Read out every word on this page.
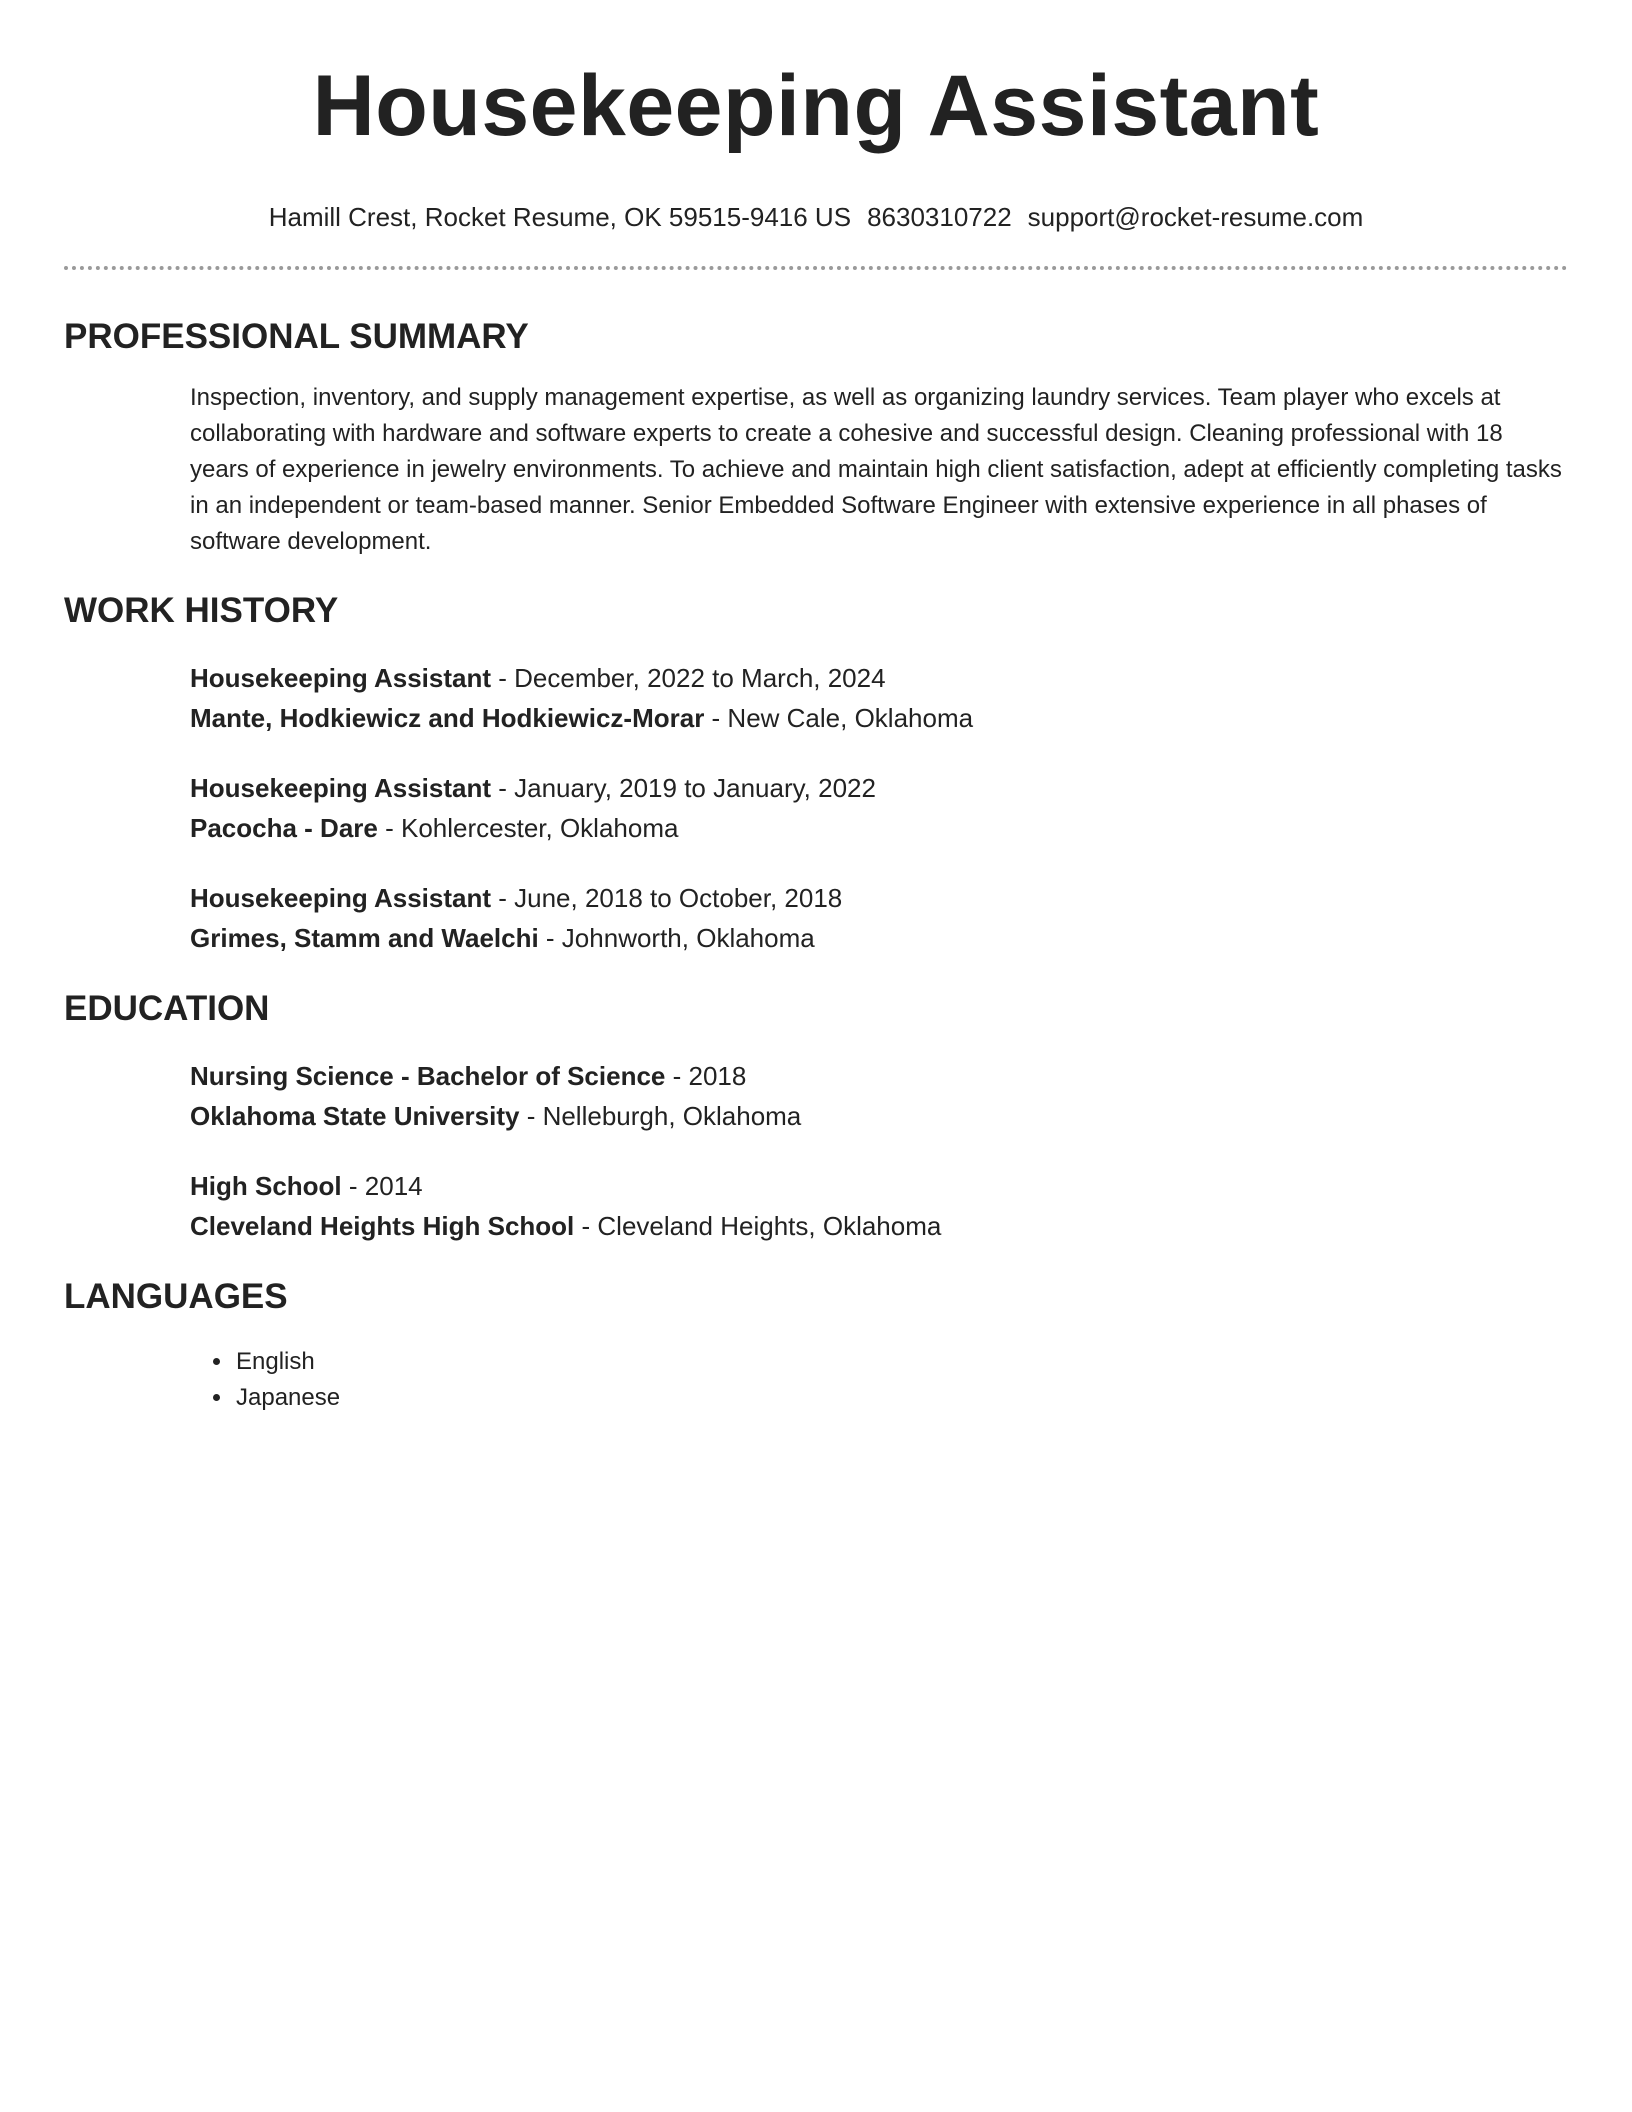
Housekeeping Assistant
Hamill Crest, Rocket Resume, OK 59515-9416 US 8630310722 support@rocket-resume.com
PROFESSIONAL SUMMARY
Inspection, inventory, and supply management expertise, as well as organizing laundry services. Team player who excels at collaborating with hardware and software experts to create a cohesive and successful design. Cleaning professional with 18 years of experience in jewelry environments. To achieve and maintain high client satisfaction, adept at efficiently completing tasks in an independent or team-based manner. Senior Embedded Software Engineer with extensive experience in all phases of software development.
WORK HISTORY
Housekeeping Assistant - December, 2022 to March, 2024
Mante, Hodkiewicz and Hodkiewicz-Morar - New Cale, Oklahoma
Housekeeping Assistant - January, 2019 to January, 2022
Pacocha - Dare - Kohlercester, Oklahoma
Housekeeping Assistant - June, 2018 to October, 2018
Grimes, Stamm and Waelchi - Johnworth, Oklahoma
EDUCATION
Nursing Science - Bachelor of Science - 2018
Oklahoma State University - Nelleburgh, Oklahoma
High School - 2014
Cleveland Heights High School - Cleveland Heights, Oklahoma
LANGUAGES
• English
• Japanese
